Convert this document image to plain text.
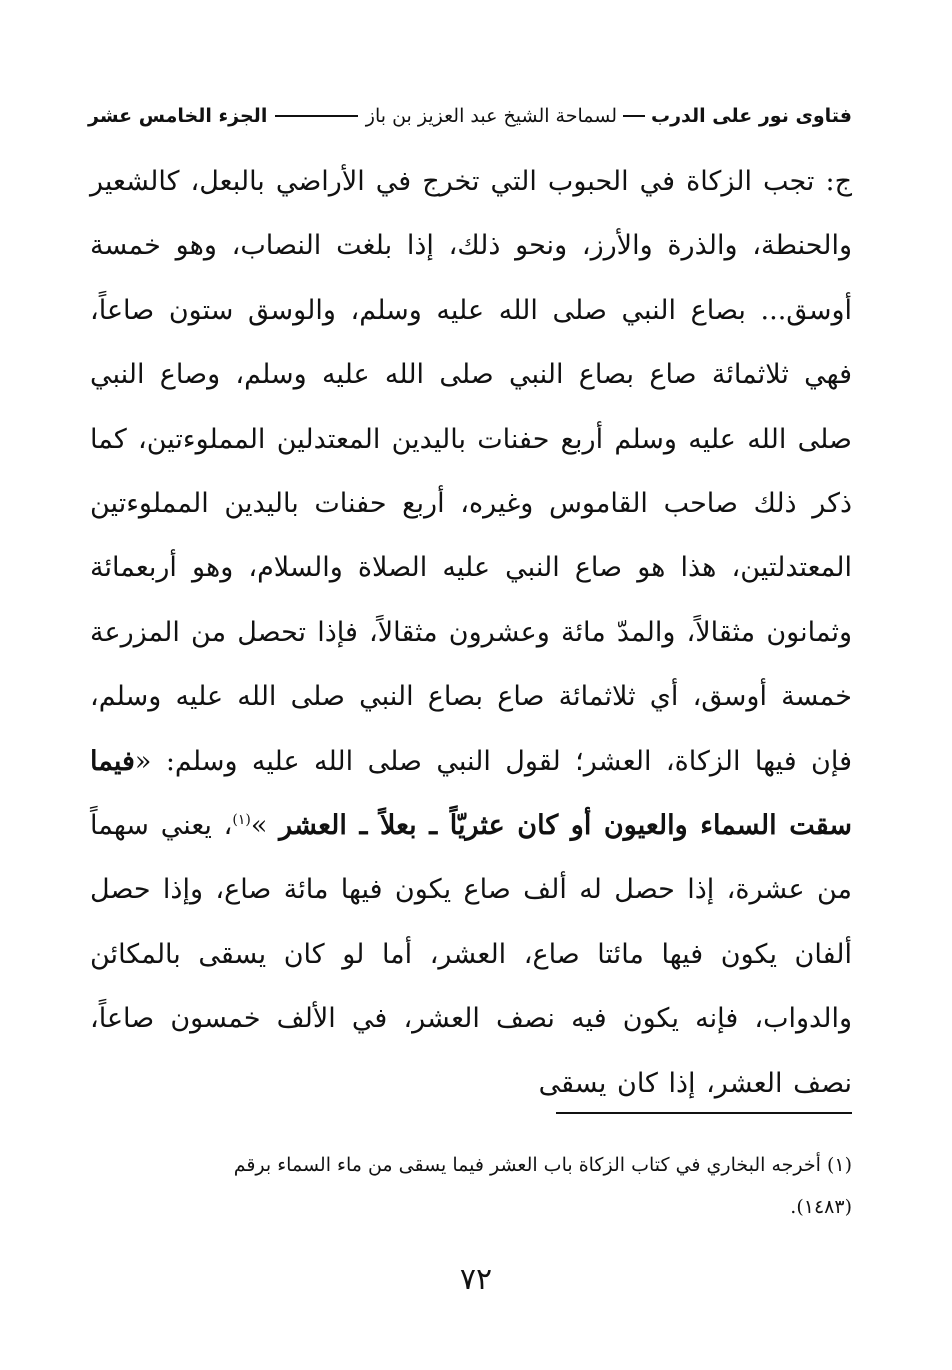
فتاوى نور على الدرب
لسماحة الشيخ عبد العزيز بن باز
الجزء الخامس عشر

ج: تجب الزكاة في الحبوب التي تخرج في الأراضي بالبعل، كالشعير والحنطة، والذرة والأرز، ونحو ذلك، إذا بلغت النصاب، وهو خمسة أوسق... بصاع النبي صلى الله عليه وسلم، والوسق ستون صاعاً، فهي ثلاثمائة صاع بصاع النبي صلى الله عليه وسلم، وصاع النبي صلى الله عليه وسلم أربع حفنات باليدين المعتدلين المملوءتين، كما ذكر ذلك صاحب القاموس وغيره، أربع حفنات باليدين المملوءتين المعتدلتين، هذا هو صاع النبي عليه الصلاة والسلام، وهو أربعمائة وثمانون مثقالاً، والمدّ مائة وعشرون مثقالاً، فإذا تحصل من المزرعة خمسة أوسق، أي ثلاثمائة صاع بصاع النبي صلى الله عليه وسلم، فإن فيها الزكاة، العشر؛ لقول النبي صلى الله عليه وسلم: «فيما سقت السماء والعيون أو كان عثريّاً ـ بعلاً ـ العشر »$^{(١)}$، يعني سهماً من عشرة، إذا حصل له ألف صاع يكون فيها مائة صاع، وإذا حصل ألفان يكون فيها مائتا صاع، العشر، أما لو كان يسقى بالمكائن والدواب، فإنه يكون فيه نصف العشر، في الألف خمسون صاعاً، نصف العشر، إذا كان يسقى

(١) أخرجه البخاري في كتاب الزكاة باب العشر فيما يسقى من ماء السماء برقم

(١٤٨٣).

٧٢
